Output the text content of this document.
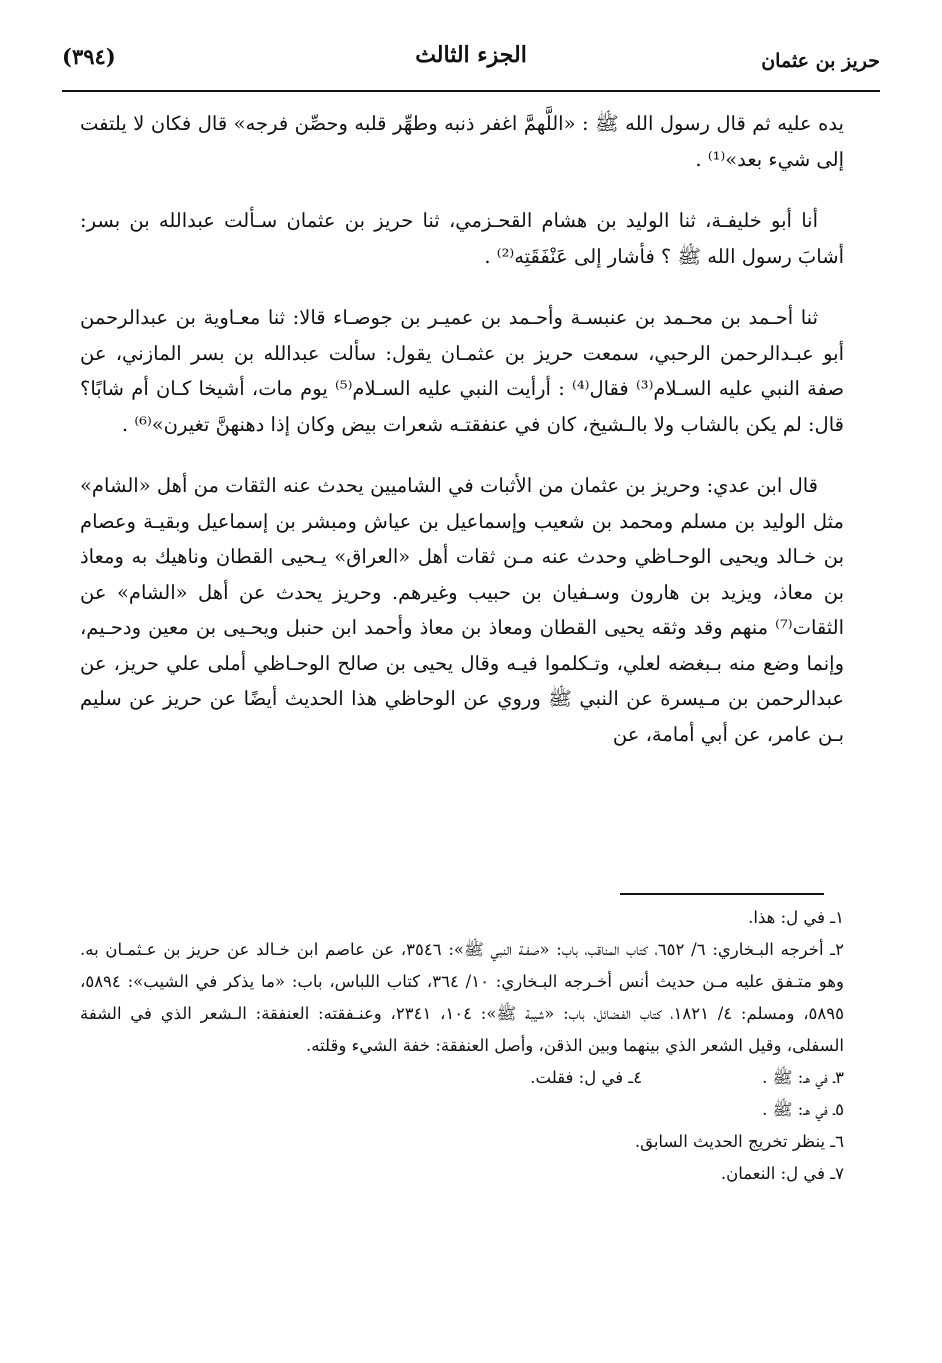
حريز بن عثمان
الجزء الثالث
(٣٩٤)

يده عليه ثم قال رسول الله ﷺ : «اللَّهمَّ اغفر ذنبه وطهِّر قلبه وحصِّن فرجه» قال فكان لا يلتفت إلى شيء بعد»⁽¹⁾ .

أنا أبو خليفـة، ثنا الوليد بن هشام القحـزمي، ثنا حريز بن عثمان سـألت عبدالله بن بسر: أشابَ رسول الله ﷺ ؟ فأشار إلى عَنْفَقَتِه⁽²⁾ .

ثنا أحـمد بن محـمد بن عنبسـة وأحـمد بن عميـر بن جوصـاء قالا: ثنا معـاوية بن عبدالرحمن أبو عبـدالرحمن الرحبي، سمعت حريز بن عثمـان يقول: سألت عبدالله بن بسر المازني، عن صفة النبي عليه السـلام⁽³⁾ فقال⁽⁴⁾ : أرأيت النبي عليه السـلام⁽⁵⁾ يوم مات، أشيخا كـان أم شابًا؟ قال: لم يكن بالشاب ولا بالـشيخ، كان في عنفقتـه شعرات بيض وكان إذا دهنهنَّ تغيرن»⁽⁶⁾ .

قال ابن عدي: وحريز بن عثمان من الأثبات في الشاميين يحدث عنه الثقات من أهل «الشام» مثل الوليد بن مسلم ومحمد بن شعيب وإسماعيل بن عياش ومبشر بن إسماعيل وبقيـة وعصام بن خـالد ويحيى الوحـاظي وحدث عنه مـن ثقات أهل «العراق» يـحيى القطان وناهيك به ومعاذ بن معاذ، ويزيد بن هارون وسـفيان بن حبيب وغيرهم. وحريز يحدث عن أهل «الشام» عن الثقات⁽⁷⁾ منهم وقد وثقه يحيى القطان ومعاذ بن معاذ وأحمد ابن حنبل ويحـيى بن معين ودحـيم، وإنما وضع منه بـبغضه لعلي، وتـكلموا فيـه وقال يحيى بن صالح الوحـاظي أملى علي حريز، عن عبدالرحمن بن مـيسرة عن النبي ﷺ وروي عن الوحاظي هذا الحديث أيضًا عن حريز عن سليم بـن عامر، عن أبي أمامة، عن

١ـ في ل: هذا.

٢ـ أخرجه البـخاري: ٦/ ٦٥٢، كتاب المناقب، باب: «صفـة النبي ﷺ»: ٣٥٤٦، عن عاصم ابن خـالد عن حريز بن عـثمـان به. وهو متـفق عليه مـن حديث أنس أخـرجه البـخاري: ١٠/ ٣٦٤، كتاب اللباس، باب: «ما يذكر في الشيب»: ٥٨٩٤، ٥٨٩٥، ومسلم: ٤/ ١٨٢١، كتاب الفـضائل، باب: «شيبة ﷺ»: ١٠٤، ٢٣٤١، وعنـفقته: العنفقة: الـشعر الذي في الشفة السفلى، وقيل الشعر الذي بينهما وبين الذقن، وأصل العنفقة: خفة الشيء وقلته.

٣ـ في هـ: ﷺ .
٤ـ في ل: فقلت.

٥ـ في هـ: ﷺ .

٦ـ ينظر تخريج الحديث السابق.

٧ـ في ل: النعمان.
